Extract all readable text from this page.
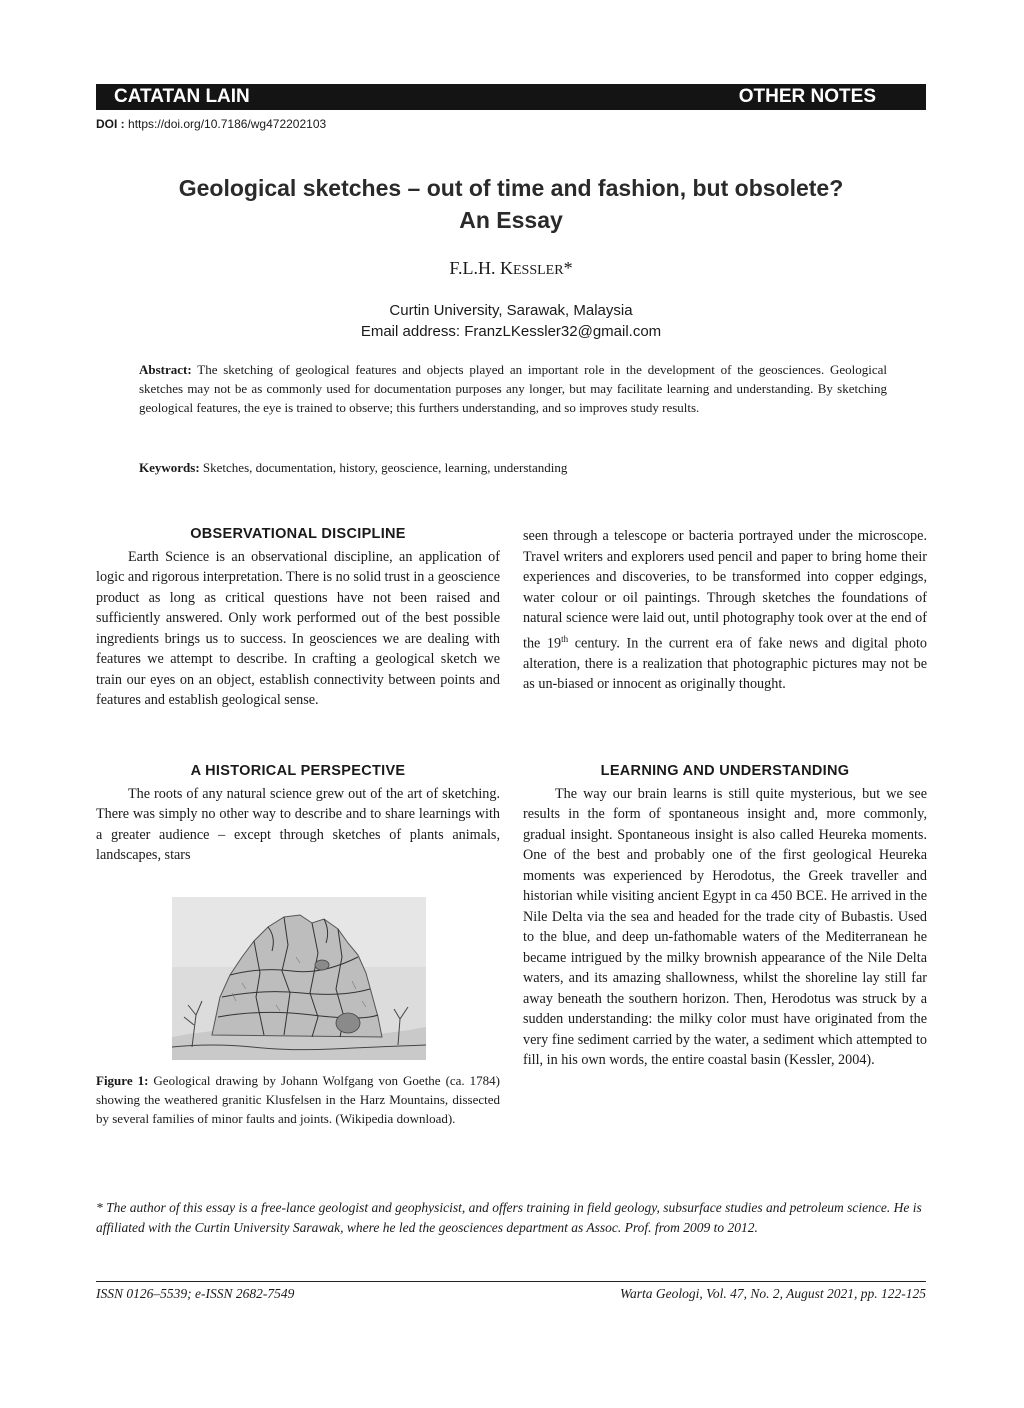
CATATAN LAIN	OTHER NOTES
DOI : https://doi.org/10.7186/wg472202103
Geological sketches – out of time and fashion, but obsolete?
An Essay
F.L.H. KESSLER*
Curtin University, Sarawak, Malaysia
Email address: FranzLKessler32@gmail.com
Abstract: The sketching of geological features and objects played an important role in the development of the geosciences. Geological sketches may not be as commonly used for documentation purposes any longer, but may facilitate learning and understanding. By sketching geological features, the eye is trained to observe; this furthers understanding, and so improves study results.
Keywords: Sketches, documentation, history, geoscience, learning, understanding
OBSERVATIONAL DISCIPLINE

Earth Science is an observational discipline, an application of logic and rigorous interpretation. There is no solid trust in a geoscience product as long as critical questions have not been raised and sufficiently answered. Only work performed out of the best possible ingredients brings us to success. In geosciences we are dealing with features we attempt to describe. In crafting a geological sketch we train our eyes on an object, establish connectivity between points and features and establish geological sense.

A HISTORICAL PERSPECTIVE

The roots of any natural science grew out of the art of sketching. There was simply no other way to describe and to share learnings with a greater audience – except through sketches of plants animals, landscapes, stars

Figure 1: Geological drawing by Johann Wolfgang von Goethe (ca. 1784) showing the weathered granitic Klusfelsen in the Harz Mountains, dissected by several families of minor faults and joints. (Wikipedia download).

seen through a telescope or bacteria portrayed under the microscope. Travel writers and explorers used pencil and paper to bring home their experiences and discoveries, to be transformed into copper edgings, water colour or oil paintings. Through sketches the foundations of natural science were laid out, until photography took over at the end of the 19th century. In the current era of fake news and digital photo alteration, there is a realization that photographic pictures may not be as un-biased or innocent as originally thought.

LEARNING AND UNDERSTANDING

The way our brain learns is still quite mysterious, but we see results in the form of spontaneous insight and, more commonly, gradual insight. Spontaneous insight is also called Heureka moments. One of the best and probably one of the first geological Heureka moments was experienced by Herodotus, the Greek traveller and historian while visiting ancient Egypt in ca 450 BCE. He arrived in the Nile Delta via the sea and headed for the trade city of Bubastis. Used to the blue, and deep un-fathomable waters of the Mediterranean he became intrigued by the milky brownish appearance of the Nile Delta waters, and its amazing shallowness, whilst the shoreline lay still far away beneath the southern horizon. Then, Herodotus was struck by a sudden understanding: the milky color must have originated from the very fine sediment carried by the water, a sediment which attempted to fill, in his own words, the entire coastal basin (Kessler, 2004).

* The author of this essay is a free-lance geologist and geophysicist, and offers training in field geology, subsurface studies and petroleum science. He is affiliated with the Curtin University Sarawak, where he led the geosciences department as Assoc. Prof. from 2009 to 2012.
ISSN 0126–5539; e-ISSN 2682-7549	Warta Geologi, Vol. 47, No. 2, August 2021, pp. 122-125
